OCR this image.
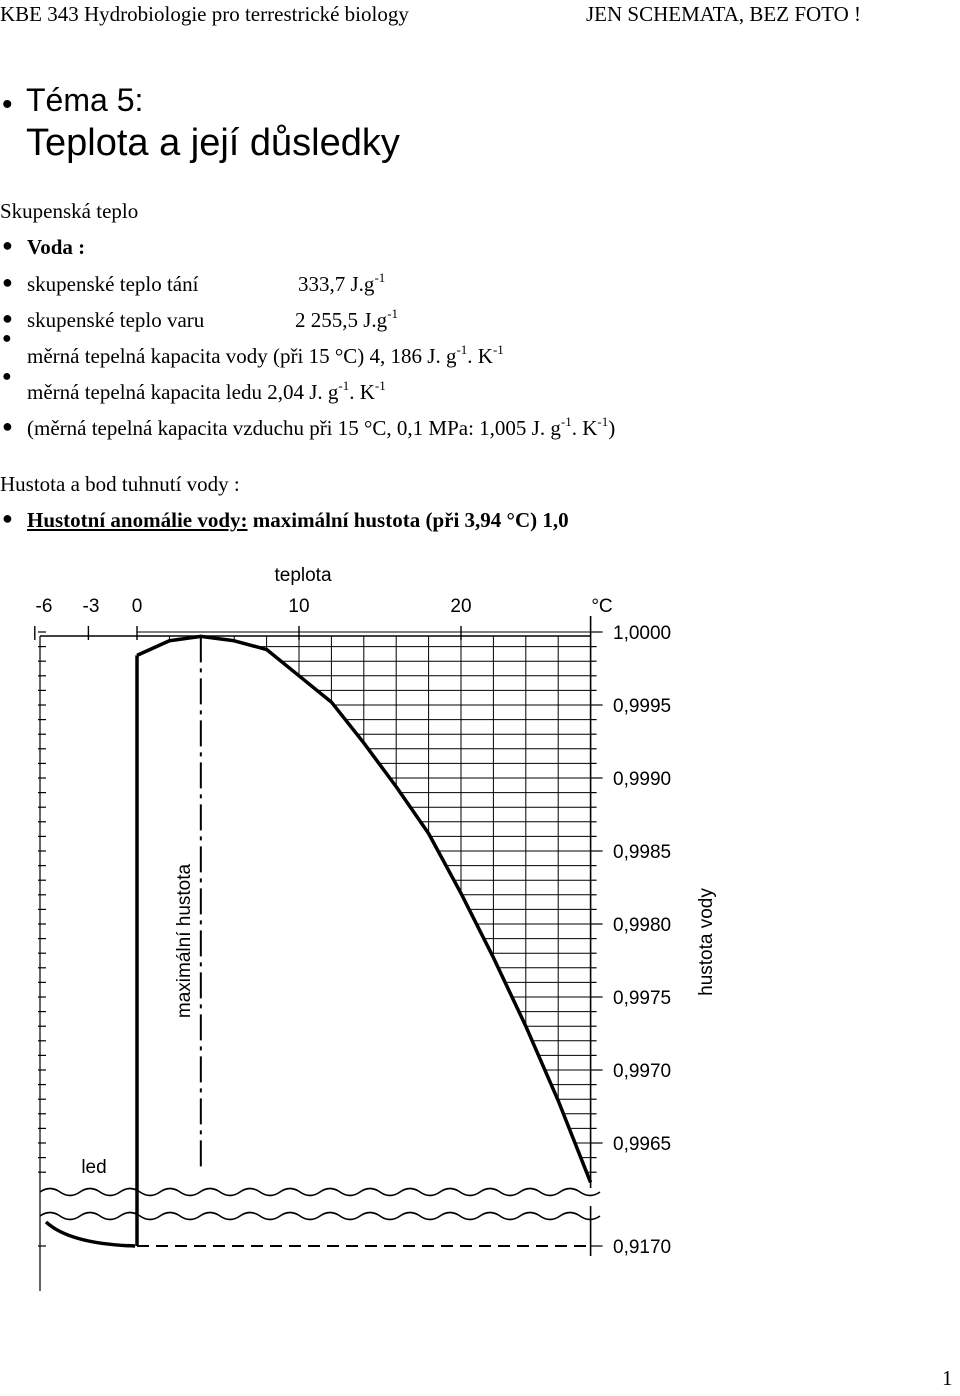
KBE 343 Hydrobiologie pro terrestrické biology	JEN SCHEMATA, BEZ FOTO !
• Téma 5:
Teplota a její důsledky
Skupenská teplo
● Voda :
● skupenské teplo tání	333,7 $J.g^{-1}$
● skupenské teplo varu	2 255,5 $J.g^{-1}$
●
měrná tepelná kapacita vody (při 15 °C) 4, 186 J. $g^{-1}$. $K^{-1}$
●
měrná tepelná kapacita ledu 2,04 J. $g^{-1}$. $K^{-1}$
● (měrná tepelná kapacita vzduchu při 15 °C, 0,1 MPa: 1,005 J. $g^{-1}$. $K^{-1}$)
Hustota a bod tuhnutí vody :
● Hustotní anomálie vody: maximální hustota (při 3,94 °C) 1,0
-6 -3 0	10	20	°C
teplota
1,0000
0,9995
0,9990
0,9985
0,9980
0,9975
0,9970
0,9965
0,9170
hustota vody
maximální hustota
led
1
